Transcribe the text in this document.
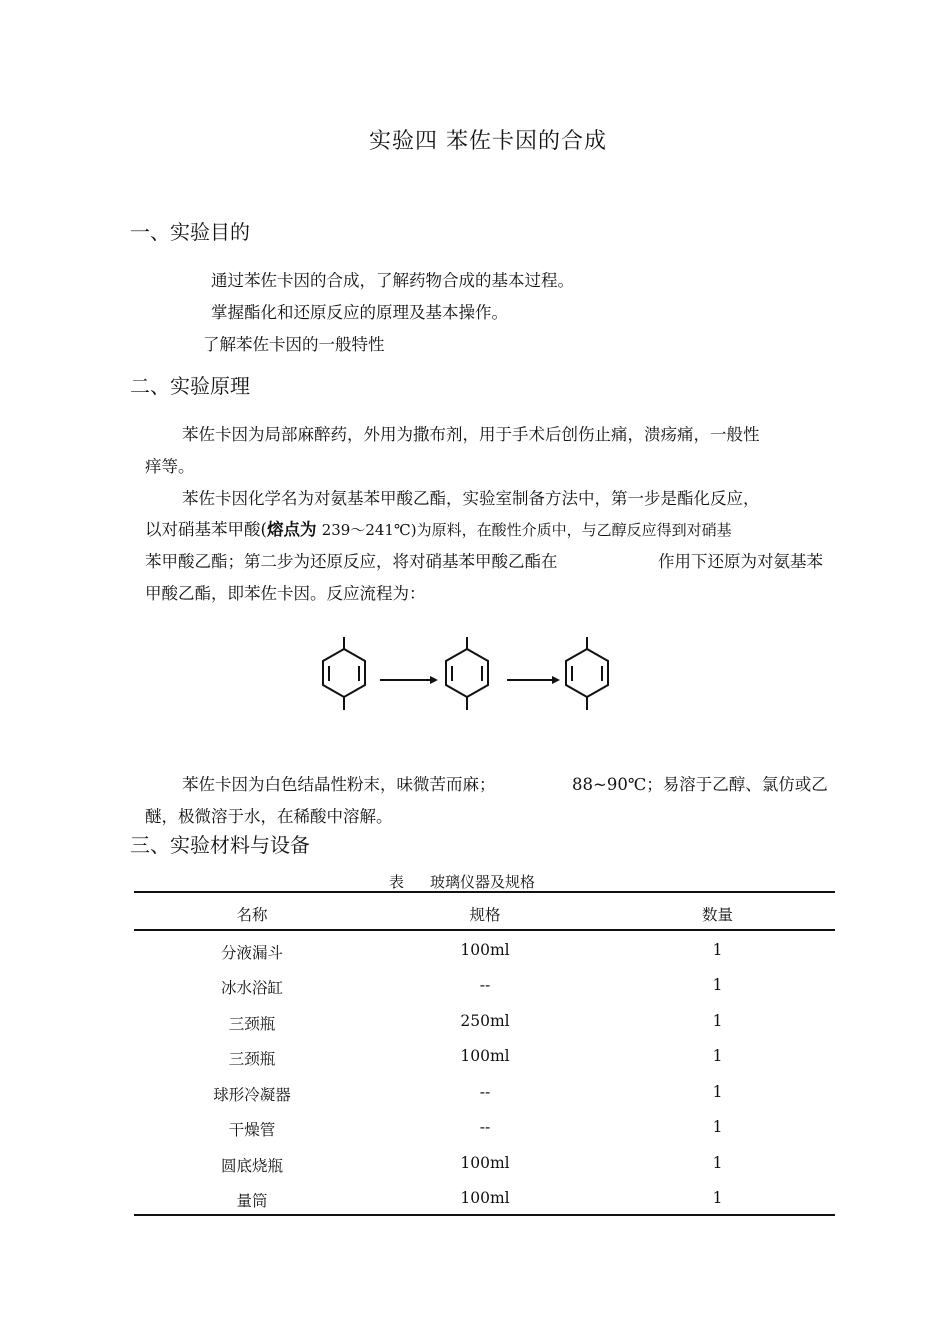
实验四 苯佐卡因的合成
一、实验目的
通过苯佐卡因的合成，了解药物合成的基本过程。
掌握酯化和还原反应的原理及基本操作。
了解苯佐卡因的一般特性
二、实验原理
苯佐卡因为局部麻醉药，外用为撒布剂，用于手术后创伤止痛，溃疡痛，一般性
痒等。
苯佐卡因化学名为对氨基苯甲酸乙酯，实验室制备方法中，第一步是酯化反应，
以对硝基苯甲酸(熔点为 239～241℃)为原料，在酸性介质中，与乙醇反应得到对硝基
苯甲酸乙酯；第二步为还原反应，将对硝基苯甲酸乙酯在	作用下还原为对氨基苯
甲酸乙酯，即苯佐卡因。反应流程为：
苯佐卡因为白色结晶性粉末，味微苦而麻；	88~90℃；易溶于乙醇、氯仿或乙
醚，极微溶于水，在稀酸中溶解。
三、实验材料与设备
表 玻璃仪器及规格
名称	规格	数量
分液漏斗	100ml	1
冰水浴缸	--	1
三颈瓶	250ml	1
三颈瓶	100ml	1
球形冷凝器	--	1
干燥管	--	1
圆底烧瓶	100ml	1
量筒	100ml	1
